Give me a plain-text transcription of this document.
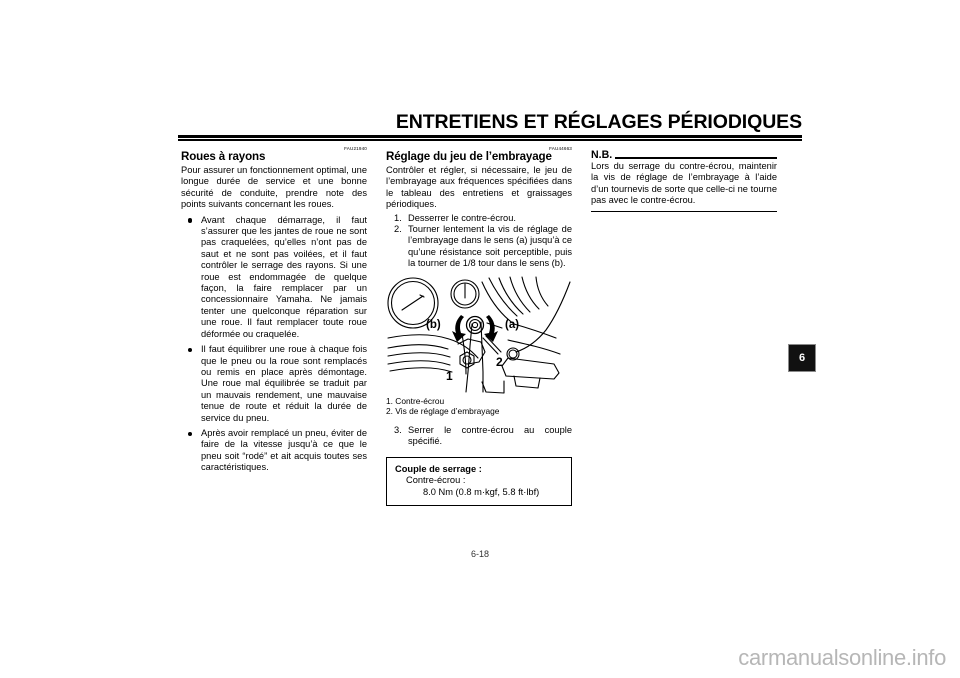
ENTRETIENS ET RÉGLAGES PÉRIODIQUES
FAU21940
Roues à rayons

Pour assurer un fonctionnement optimal, une longue durée de service et une bonne sécurité de conduite, prendre note des points suivants concernant les roues.

Avant chaque démarrage, il faut s’assurer que les jantes de roue ne sont pas craquelées, qu’elles n’ont pas de saut et ne sont pas voilées, et il faut contrôler le serrage des rayons. Si une roue est endommagée de quelque façon, la faire remplacer par un concessionnaire Yamaha. Ne jamais tenter une quelconque réparation sur une roue. Il faut remplacer toute roue déformée ou craquelée.
Il faut équilibrer une roue à chaque fois que le pneu ou la roue sont remplacés ou remis en place après démontage. Une roue mal équilibrée se traduit par un mauvais rendement, une mauvaise tenue de route et réduit la durée de service du pneu.
Après avoir remplacé un pneu, éviter de faire de la vitesse jusqu’à ce que le pneu soit “rodé” et ait acquis toutes ses caractéristiques.
FAU44663
Réglage du jeu de l’embrayage

Contrôler et régler, si nécessaire, le jeu de l’embrayage aux fréquences spécifiées dans le tableau des entretiens et graissages périodiques.

Desserrer le contre-écrou.
Tourner lentement la vis de réglage de l’embrayage dans le sens (a) jusqu’à ce qu’une résistance soit perceptible, puis la tourner de 1/8 tour dans le sens (b).
(b)	(a)
1
2
1. Contre-écrou
2. Vis de réglage d’embrayage
Serrer le contre-écrou au couple spécifié.
Couple de serrage :
Contre-écrou :
8.0 Nm (0.8 m·kgf, 5.8 ft·lbf)

N.B.

Lors du serrage du contre-écrou, maintenir la vis de réglage de l’embrayage à l’aide d’un tournevis de sorte que celle-ci ne tourne pas avec le contre-écrou.

6
6-18
carmanualsonline.info
